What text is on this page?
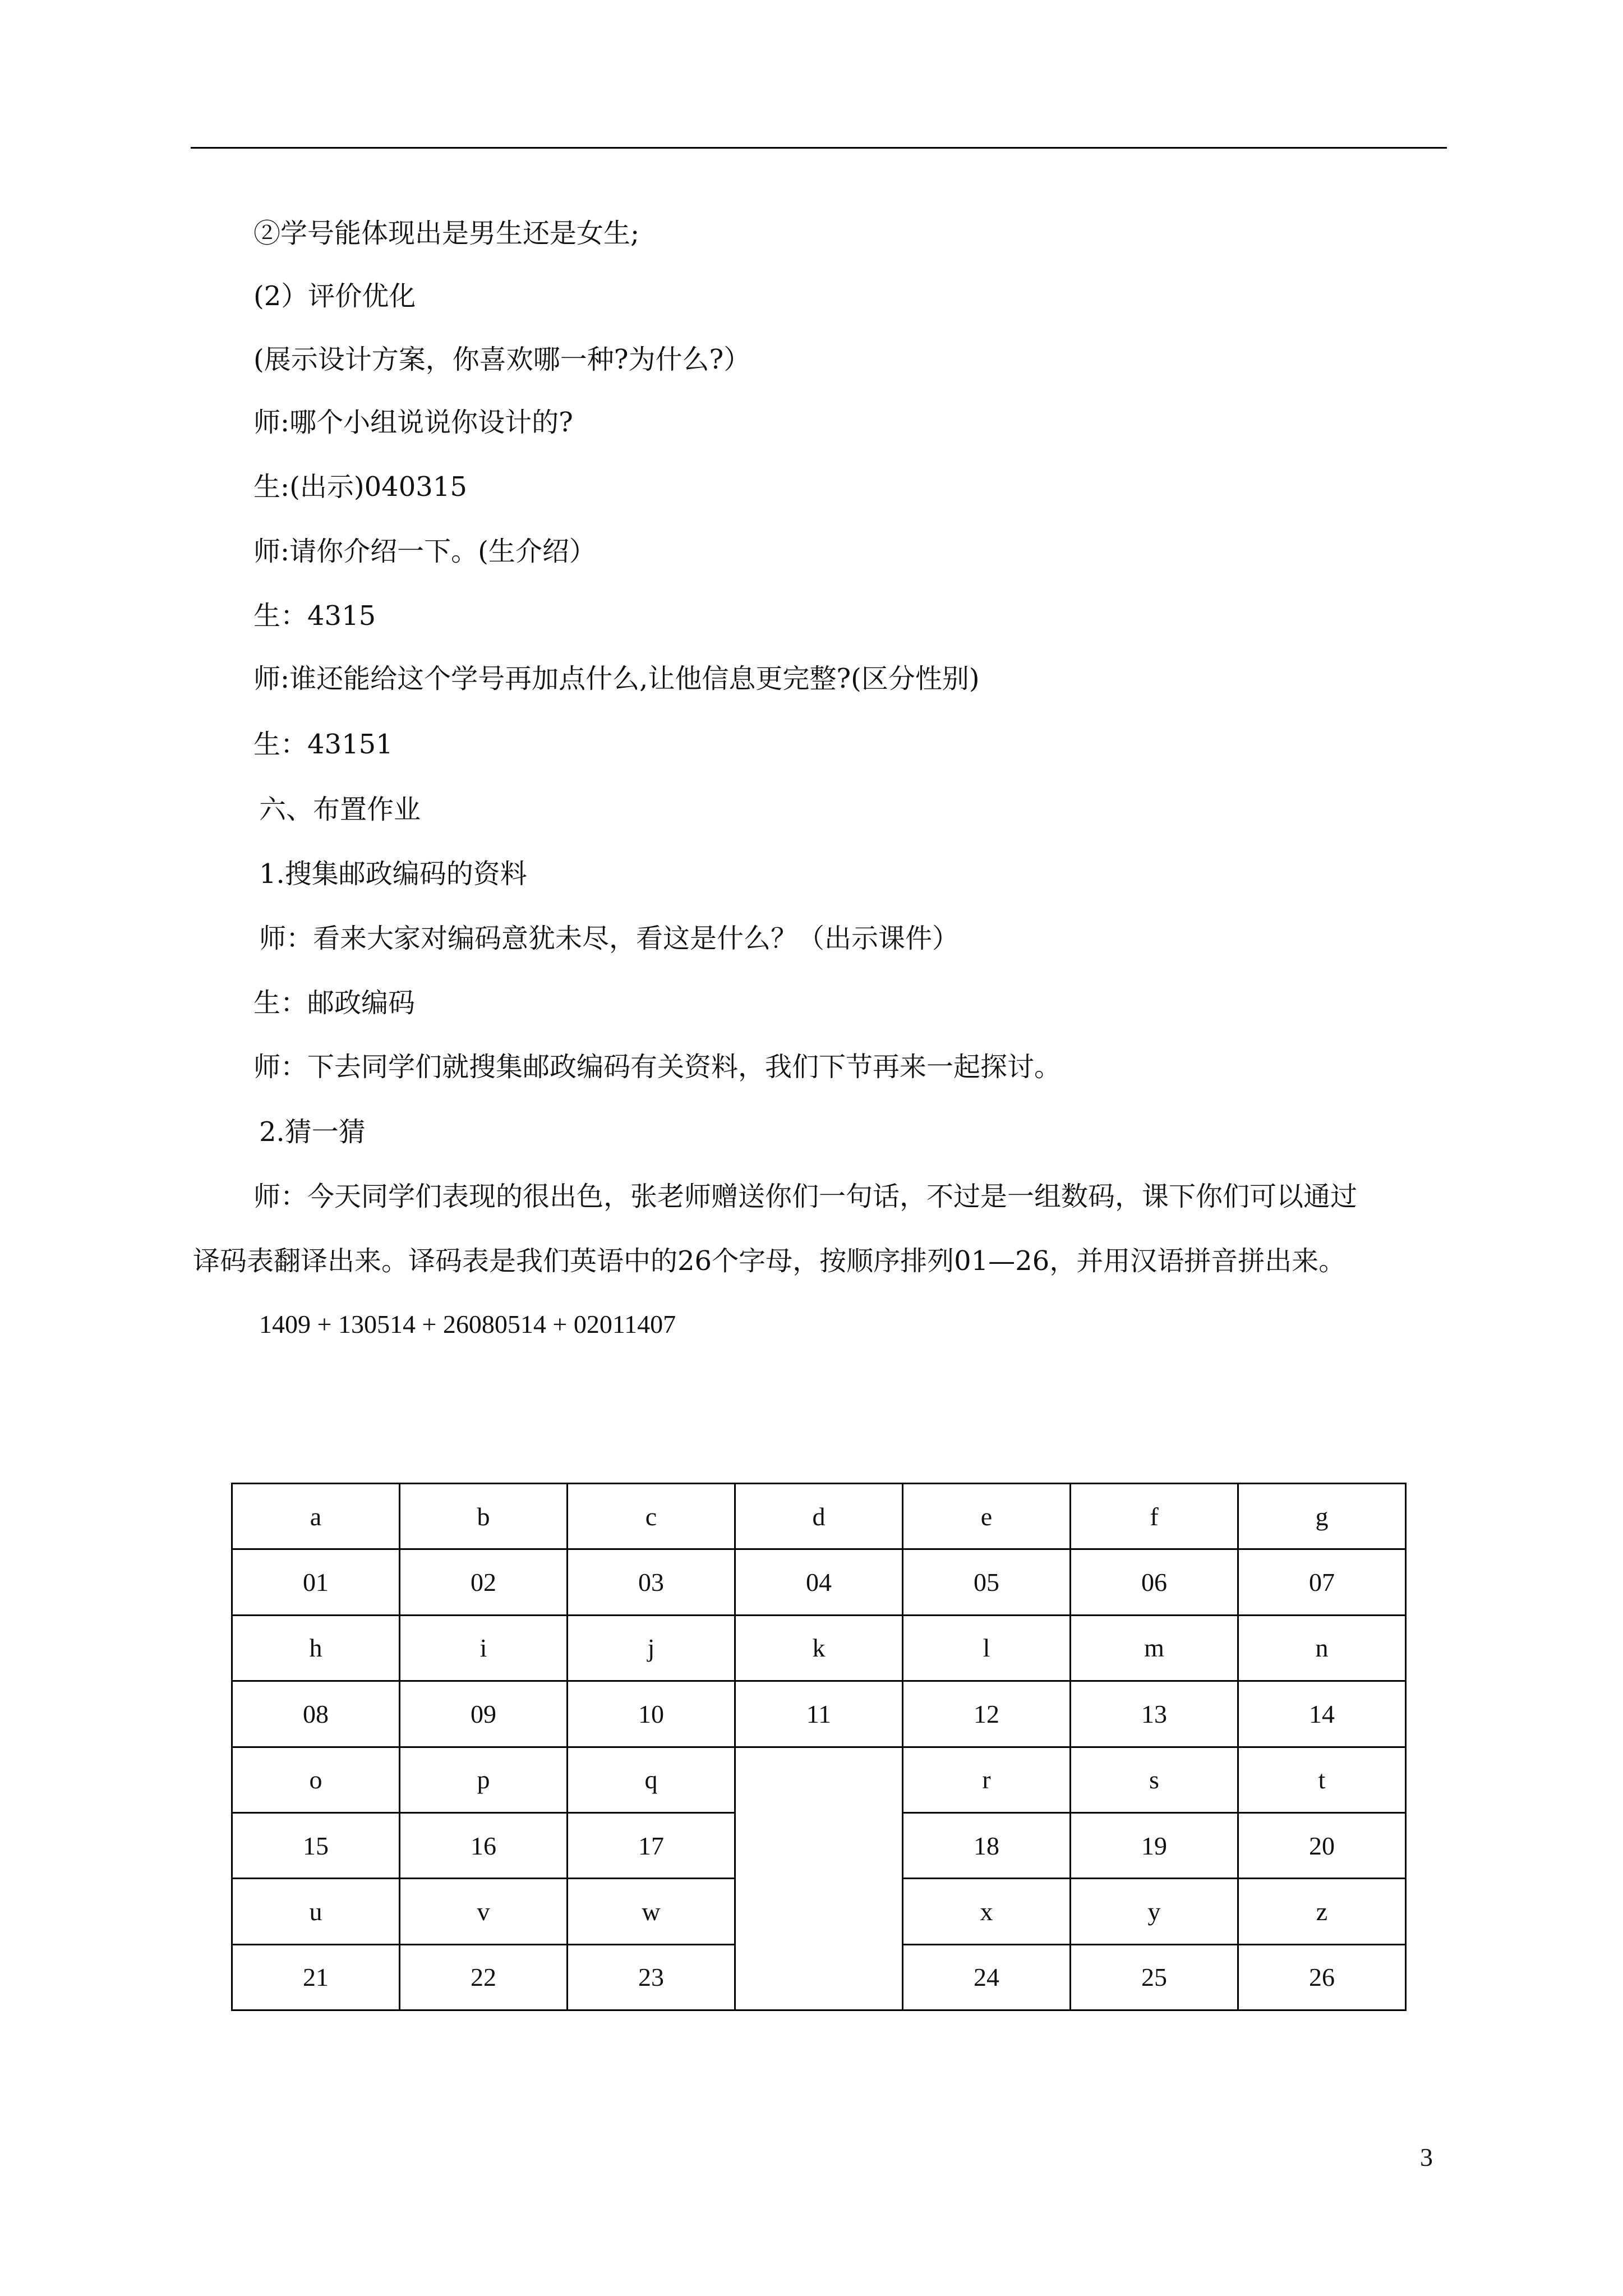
②学号能体现出是男生还是女生;
(2）评价优化
(展示设计方案，你喜欢哪一种?为什么?）
师:哪个小组说说你设计的?
生:(出示)040315
师:请你介绍一下。(生介绍）
生：4315
师:谁还能给这个学号再加点什么,让他信息更完整?(区分性别)
生：43151
六、布置作业
1.搜集邮政编码的资料
师：看来大家对编码意犹未尽，看这是什么？（出示课件）
生：邮政编码
师：下去同学们就搜集邮政编码有关资料，我们下节再来一起探讨。
2.猜一猜
师：今天同学们表现的很出色，张老师赠送你们一句话，不过是一组数码，课下你们可以通过
译码表翻译出来。译码表是我们英语中的26个字母，按顺序排列01—26，并用汉语拼音拼出来。
1409 + 130514 + 26080514 + 02011407
a	b	c	d	e	f	g
01	02	03	04	05	06	07
h	i	j	k	l	m	n
08	09	10	11	12	13	14
o	p	q		r	s	t
15	16	17		18	19	20
u	v	w		x	y	z
21	22	23		24	25	26
3
